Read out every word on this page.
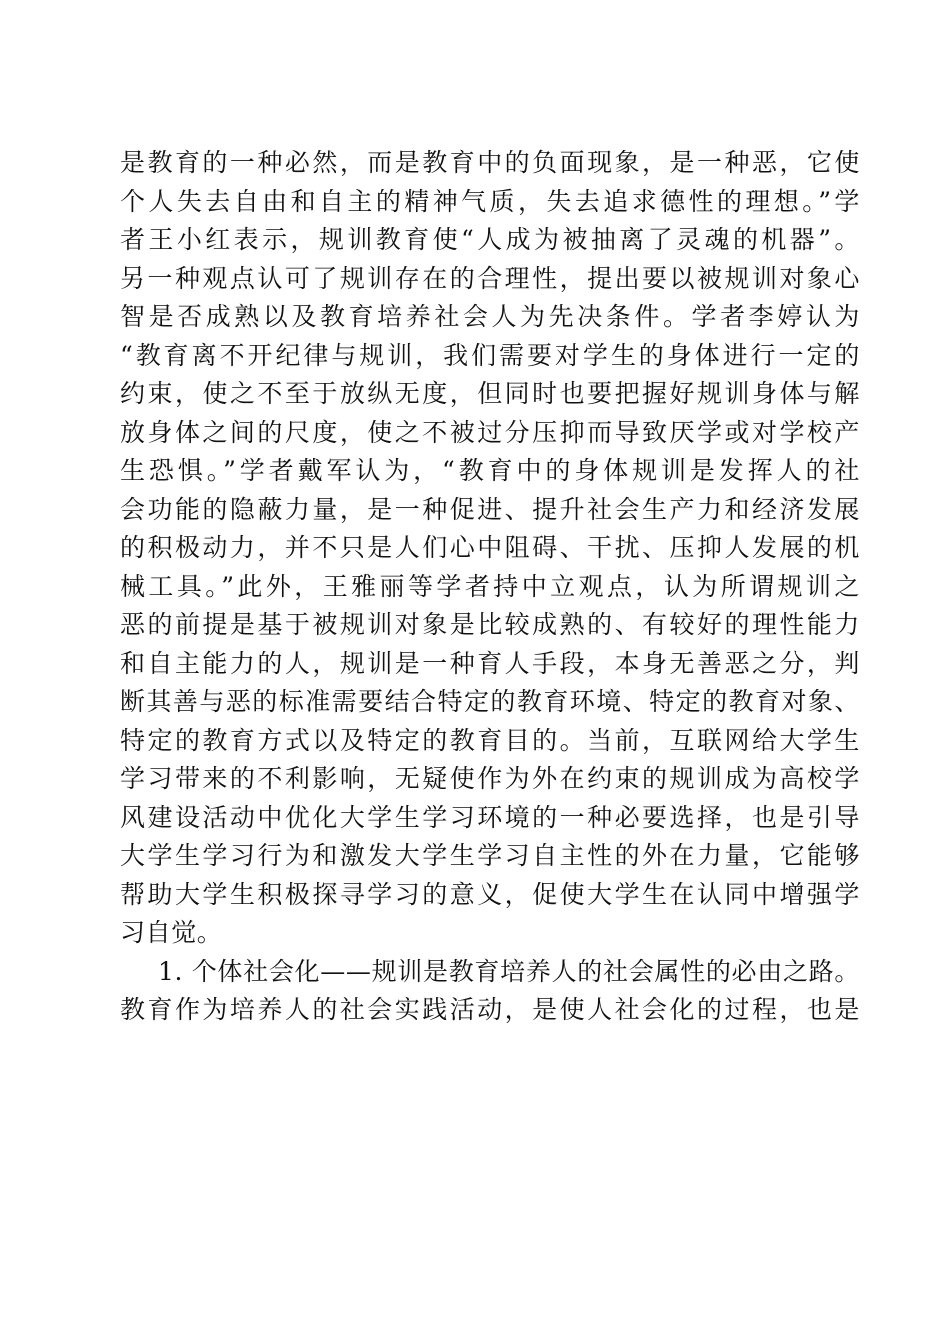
是教育的一种必然，而是教育中的负面现象，是一种恶，它使
个人失去自由和自主的精神气质，失去追求德性的理想。”学
者王小红表示，规训教育使“人成为被抽离了灵魂的机器”。
另一种观点认可了规训存在的合理性，提出要以被规训对象心
智是否成熟以及教育培养社会人为先决条件。学者李婷认为
“教育离不开纪律与规训，我们需要对学生的身体进行一定的
约束，使之不至于放纵无度，但同时也要把握好规训身体与解
放身体之间的尺度，使之不被过分压抑而导致厌学或对学校产
生恐惧。”学者戴军认为，“教育中的身体规训是发挥人的社
会功能的隐蔽力量，是一种促进、提升社会生产力和经济发展
的积极动力，并不只是人们心中阻碍、干扰、压抑人发展的机
械工具。”此外，王雅丽等学者持中立观点，认为所谓规训之
恶的前提是基于被规训对象是比较成熟的、有较好的理性能力
和自主能力的人，规训是一种育人手段，本身无善恶之分，判
断其善与恶的标准需要结合特定的教育环境、特定的教育对象、
特定的教育方式以及特定的教育目的。当前，互联网给大学生
学习带来的不利影响，无疑使作为外在约束的规训成为高校学
风建设活动中优化大学生学习环境的一种必要选择，也是引导
大学生学习行为和激发大学生学习自主性的外在力量，它能够
帮助大学生积极探寻学习的意义，促使大学生在认同中增强学
习自觉。
1. 个体社会化——规训是教育培养人的社会属性的必由之路。
教育作为培养人的社会实践活动，是使人社会化的过程，也是
